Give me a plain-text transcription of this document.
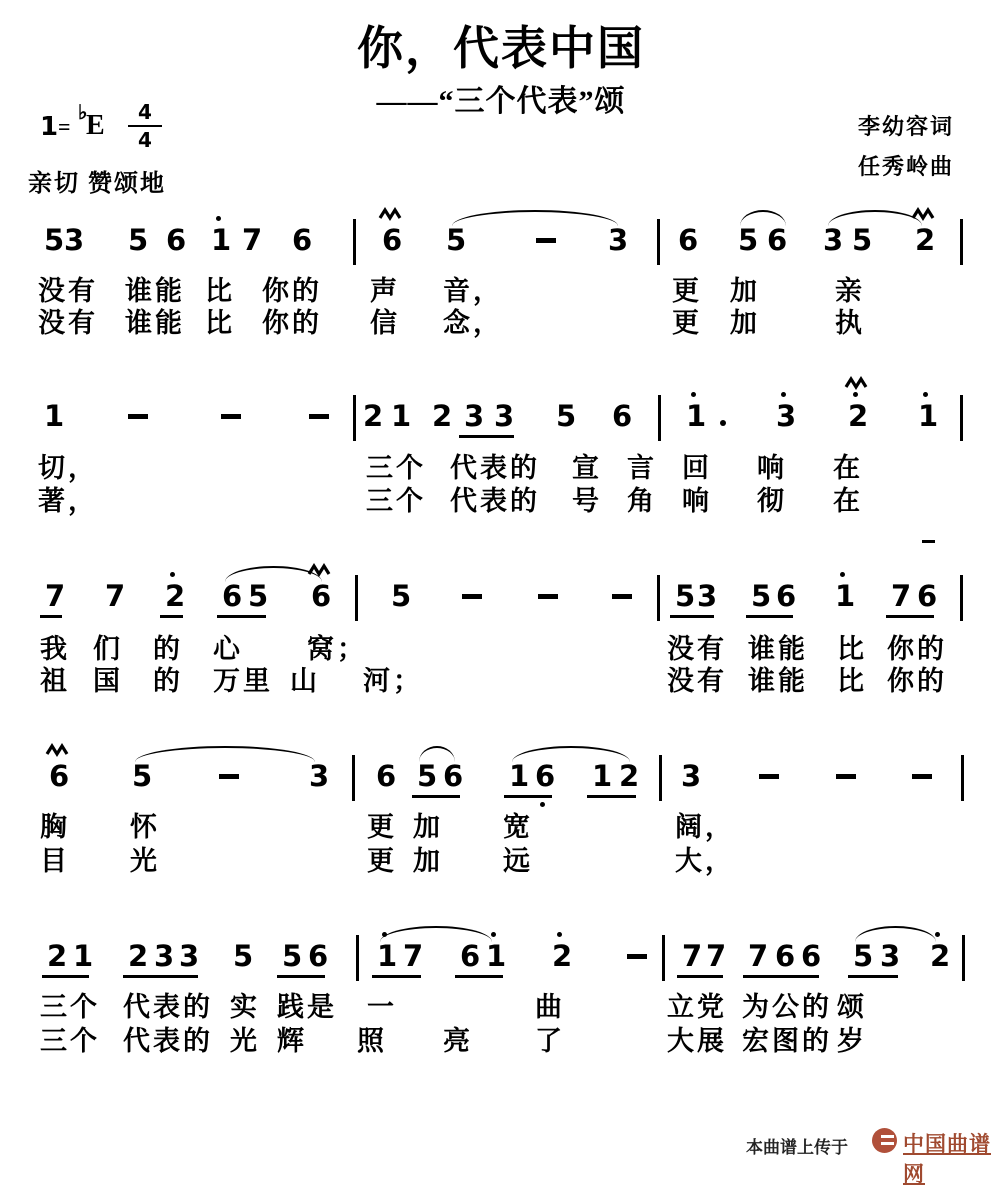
你，代表中国
——“三个代表”颂
1 =
♭
E	4
4
亲切 赞颂地
李幼容词
任秀岭曲
5 3 5 6 1 7 6 6 5	3 6 5 6 3 5 2
没有 谁能 比 你的 声 音，	更 加	亲
没有 谁能 比 你的 信 念，	更 加	执
1	2 1 2 3 3 5 6 1 3 2 1
切，	三个 代表的 宣 言 回 响 在
著，	三个 代表的 号 角 响 彻 在
7 7 2 6 5 6 5	5 3 5 6 1 7 6
我 们 的 心 窝；	没有 谁能 比 你的
祖 国 的 万里 山 河；	没有 谁能 比 你的
6 5	3 6 5 6 1 6 1 2 3
胸 怀	更 加 宽	阔，
目 光	更 加 远	大，
2 1 2 3 3 5 5 6 1 7 6 1 2	7 7 7 6 6 5 3 2
三个 代表的 实 践是 一	曲	立党 为公的 颂
三个 代表的 光 辉 照 亮 了	大展 宏图的 岁
本曲谱上传于	中国曲谱网
